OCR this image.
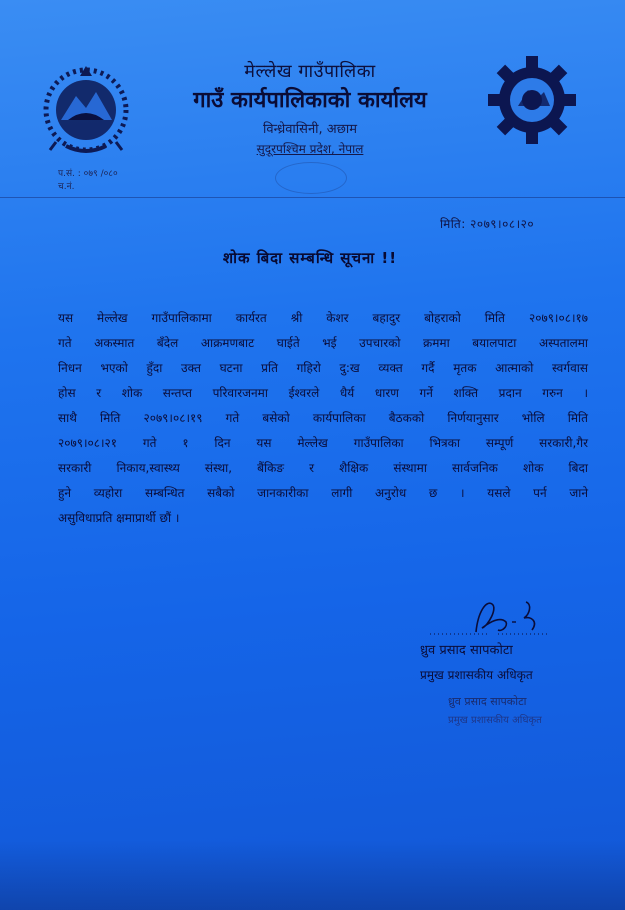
मेल्लेख गाउँपालिका
गाउँ कार्यपालिकाको कार्यालय
विन्ध्रेवासिनी, अछाम
सुदूरपश्चिम प्रदेश, नेपाल
प.सं. : ०७९ /०८०
च.नं.
मिति: २०७९।०८।२०
शोक बिदा सम्बन्धि सूचना !!
यस मेल्लेख गाउँपालिकामा कार्यरत श्री केशर बहादुर बोहराको मिति २०७९।०८।१७
गते अकस्मात बँदेल आक्रमणबाट घाईते भई उपचारको क्रममा बयालपाटा अस्पतालमा
निधन भएको हुँदा उक्त घटना प्रति गहिरो दु:ख व्यक्त गर्दै मृतक आत्माको स्वर्गवास
होस र शोक सन्तप्त परिवारजनमा ईश्वरले धैर्य धारण गर्ने शक्ति प्रदान गरुन ।
साथै मिति २०७९।०८।१९ गते बसेको कार्यपालिका बैठकको निर्णयानुसार भोलि मिति
२०७९।०८।२१ गते १ दिन यस मेल्लेख गाउँपालिका भित्रका सम्पूर्ण सरकारी,गैर
सरकारी निकाय,स्वास्थ्य संस्था, बैंकिङ र शैक्षिक संस्थामा सार्वजनिक शोक बिदा
हुने व्यहोरा सम्बन्धित सबैको जानकारीका लागी अनुरोध छ । यसले पर्न जाने
असुविधाप्रति क्षमाप्रार्थी छौं ।
ध्रुव प्रसाद सापकोटा
प्रमुख प्रशासकीय अधिकृत
ध्रुव प्रसाद सापकोटा
प्रमुख प्रशासकीय अधिकृत
